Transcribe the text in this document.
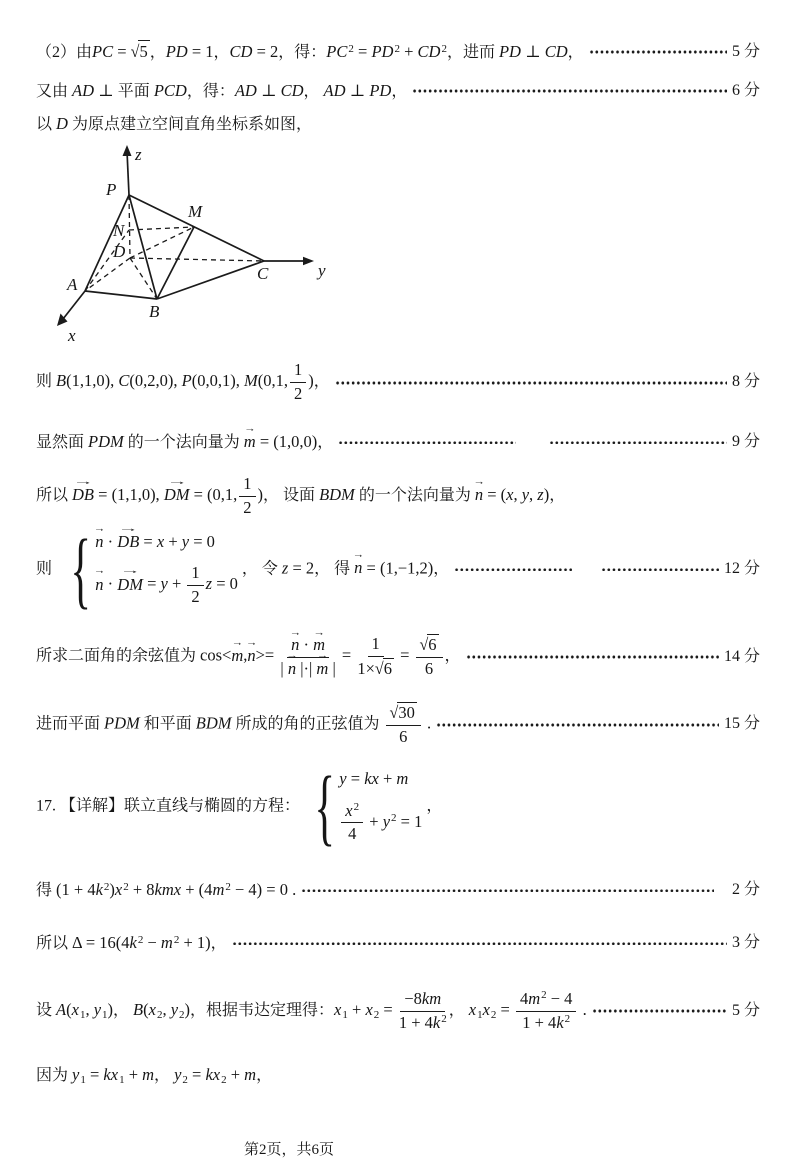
（2）由PC = √5 ，PD = 1，CD = 2，得：$PC^2 = PD^2 + CD^2$，进而 PD ⊥ CD，	5 分
又由 AD ⊥ 平面 PCD，得：AD ⊥ CD， AD ⊥ PD，	6 分
以 D 为原点建立空间直角坐标系如图，
z
P
N
M
D
C	y
A
B
x
则 B(1,1,0), C(0,2,0), P(0,0,1), M(0,1, $\frac{1}{2}$ )，	8 分
显然面 PDM 的一个法向量为
→
m = (1,0,0)，	9 分
所以
→
DB = (1,1,0),
→
DM = (0,1, $\frac{1}{2}$ )， 设面 BDM 的一个法向量为
→
n = (x, y, z)，
则 { →
n ·
→
DB = x + y = 0
→
n ·
→
DM = $y + \frac{1}{2}$ z = 0
， 令 z = 2， 得
→
n = (1,−1,2)，	12 分
所求二面角的余弦值为 cos<
→
m,
→
n>= →
n ·
→
m
|
→
n |·|
→
m | = $\frac{1}{1\times√6} = \frac{√6}{6}$ ，	14 分
进而平面 PDM 和平面 BDM 所成的角的正弦值为 $\frac{√30}{6}$ .	15 分
17. 【详解】联立直线与椭圆的方程： { y = kx + m
$\frac{x^2}{4} + y^2 = 1$
，
得 $(1 + 4k^2)x^2 + 8kmx + (4m^2 - 4) = 0$ .	2 分
所以 $\Delta = 16(4k^2 - m^2 + 1)$，	3 分
设 $A(x_1$, $y_1$)， $B(x_2$, $y_2$)，根据韦达定理得：$x_1 + x_2 = \frac{-8km}{1 + 4k^2}$ ， $x_1x_2 = \frac{4m^2 - 4}{1 + 4k^2}$ .	5 分
因为 $y_1 = kx_1 + m$， $y_2 = kx_2 + m$，
第2页，共6页
